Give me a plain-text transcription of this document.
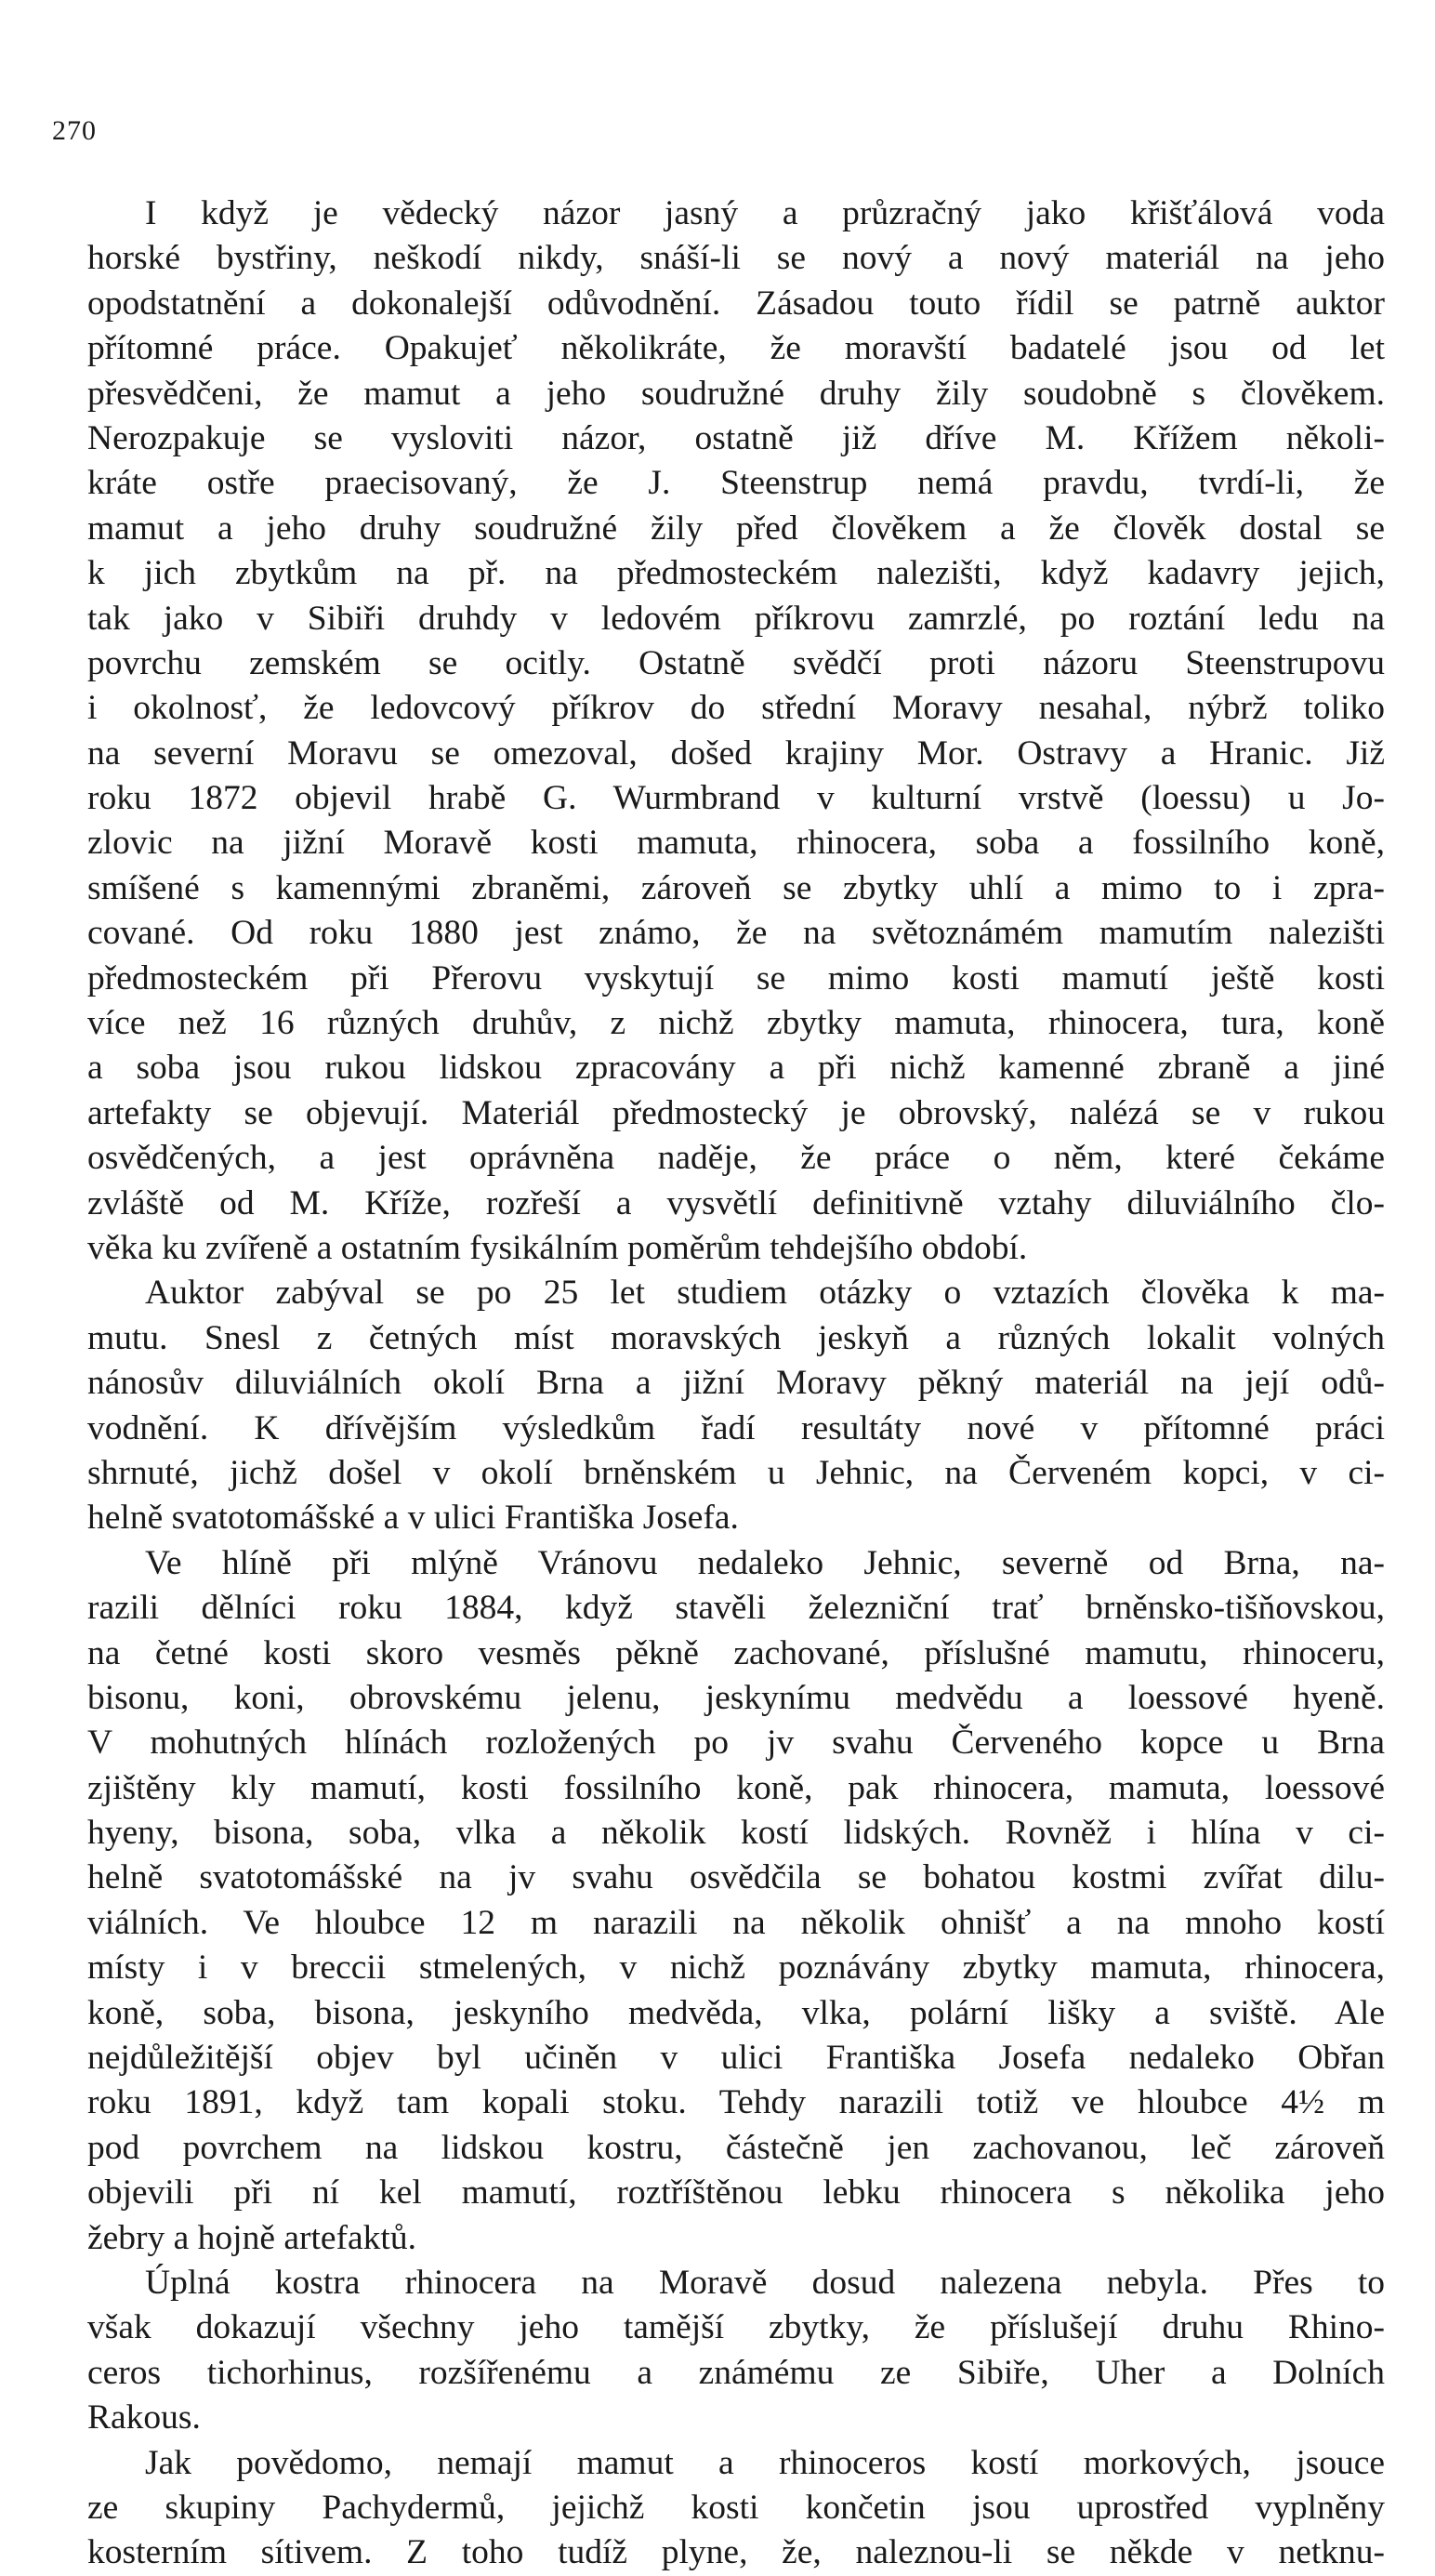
270
I když je vědecký názor jasný a průzračný jako křišťálová voda
horské bystřiny, neškodí nikdy, snáší-li se nový a nový materiál na jeho
opodstatnění a dokonalejší odůvodnění. Zásadou touto řídil se patrně auktor
přítomné práce. Opakujeť několikráte, že moravští badatelé jsou od let
přesvědčeni, že mamut a jeho soudružné druhy žily soudobně s člověkem.
Nerozpakuje se vysloviti názor, ostatně již dříve M. Křížem několi-
kráte ostře praecisovaný, že J. Steenstrup nemá pravdu, tvrdí-li, že
mamut a jeho druhy soudružné žily před člověkem a že člověk dostal se
k jich zbytkům na př. na předmosteckém nalezišti, když kadavry jejich,
tak jako v Sibiři druhdy v ledovém příkrovu zamrzlé, po roztání ledu na
povrchu zemském se ocitly. Ostatně svědčí proti názoru Steenstrupovu
i okolnosť, že ledovcový příkrov do střední Moravy nesahal, nýbrž toliko
na severní Moravu se omezoval, došed krajiny Mor. Ostravy a Hranic. Již
roku 1872 objevil hrabě G. Wurmbrand v kulturní vrstvě (loessu) u Jo-
zlovic na jižní Moravě kosti mamuta, rhinocera, soba a fossilního koně,
smíšené s kamennými zbraněmi, zároveň se zbytky uhlí a mimo to i zpra-
cované. Od roku 1880 jest známo, že na světoznámém mamutím nalezišti
předmosteckém při Přerovu vyskytují se mimo kosti mamutí ještě kosti
více než 16 různých druhův, z nichž zbytky mamuta, rhinocera, tura, koně
a soba jsou rukou lidskou zpracovány a při nichž kamenné zbraně a jiné
artefakty se objevují. Materiál předmostecký je obrovský, nalézá se v rukou
osvědčených, a jest oprávněna naděje, že práce o něm, které čekáme
zvláště od M. Kříže, rozřeší a vysvětlí definitivně vztahy diluviálního člo-
věka ku zvířeně a ostatním fysikálním poměrům tehdejšího období.
Auktor zabýval se po 25 let studiem otázky o vztazích člověka k ma-
mutu. Snesl z četných míst moravských jeskyň a různých lokalit volných
nánosův diluviálních okolí Brna a jižní Moravy pěkný materiál na její odů-
vodnění. K dřívějším výsledkům řadí resultáty nové v přítomné práci
shrnuté, jichž došel v okolí brněnském u Jehnic, na Červeném kopci, v ci-
helně svatotomášské a v ulici Františka Josefa.
Ve hlíně při mlýně Vránovu nedaleko Jehnic, severně od Brna, na-
razili dělníci roku 1884, když stavěli železniční trať brněnsko-tišňovskou,
na četné kosti skoro vesměs pěkně zachované, příslušné mamutu, rhinoceru,
bisonu, koni, obrovskému jelenu, jeskynímu medvědu a loessové hyeně.
V mohutných hlínách rozložených po jv svahu Červeného kopce u Brna
zjištěny kly mamutí, kosti fossilního koně, pak rhinocera, mamuta, loessové
hyeny, bisona, soba, vlka a několik kostí lidských. Rovněž i hlína v ci-
helně svatotomášské na jv svahu osvědčila se bohatou kostmi zvířat dilu-
viálních. Ve hloubce 12 m narazili na několik ohnišť a na mnoho kostí
místy i v breccii stmelených, v nichž poznávány zbytky mamuta, rhinocera,
koně, soba, bisona, jeskyního medvěda, vlka, polární lišky a sviště. Ale
nejdůležitější objev byl učiněn v ulici Františka Josefa nedaleko Obřan
roku 1891, když tam kopali stoku. Tehdy narazili totiž ve hloubce 4½ m
pod povrchem na lidskou kostru, částečně jen zachovanou, leč zároveň
objevili při ní kel mamutí, roztříštěnou lebku rhinocera s několika jeho
žebry a hojně artefaktů.
Úplná kostra rhinocera na Moravě dosud nalezena nebyla. Přes to
však dokazují všechny jeho tamější zbytky, že příslušejí druhu Rhino-
ceros tichorhinus, rozšířenému a známému ze Sibiře, Uher a Dolních
Rakous.
Jak povědomo, nemají mamut a rhinoceros kostí morkových, jsouce
ze skupiny Pachydermů, jejichž kosti končetin jsou uprostřed vyplněny
kosterním sítivem. Z toho tudíž plyne, že, naleznou-li se někde v netknu-
